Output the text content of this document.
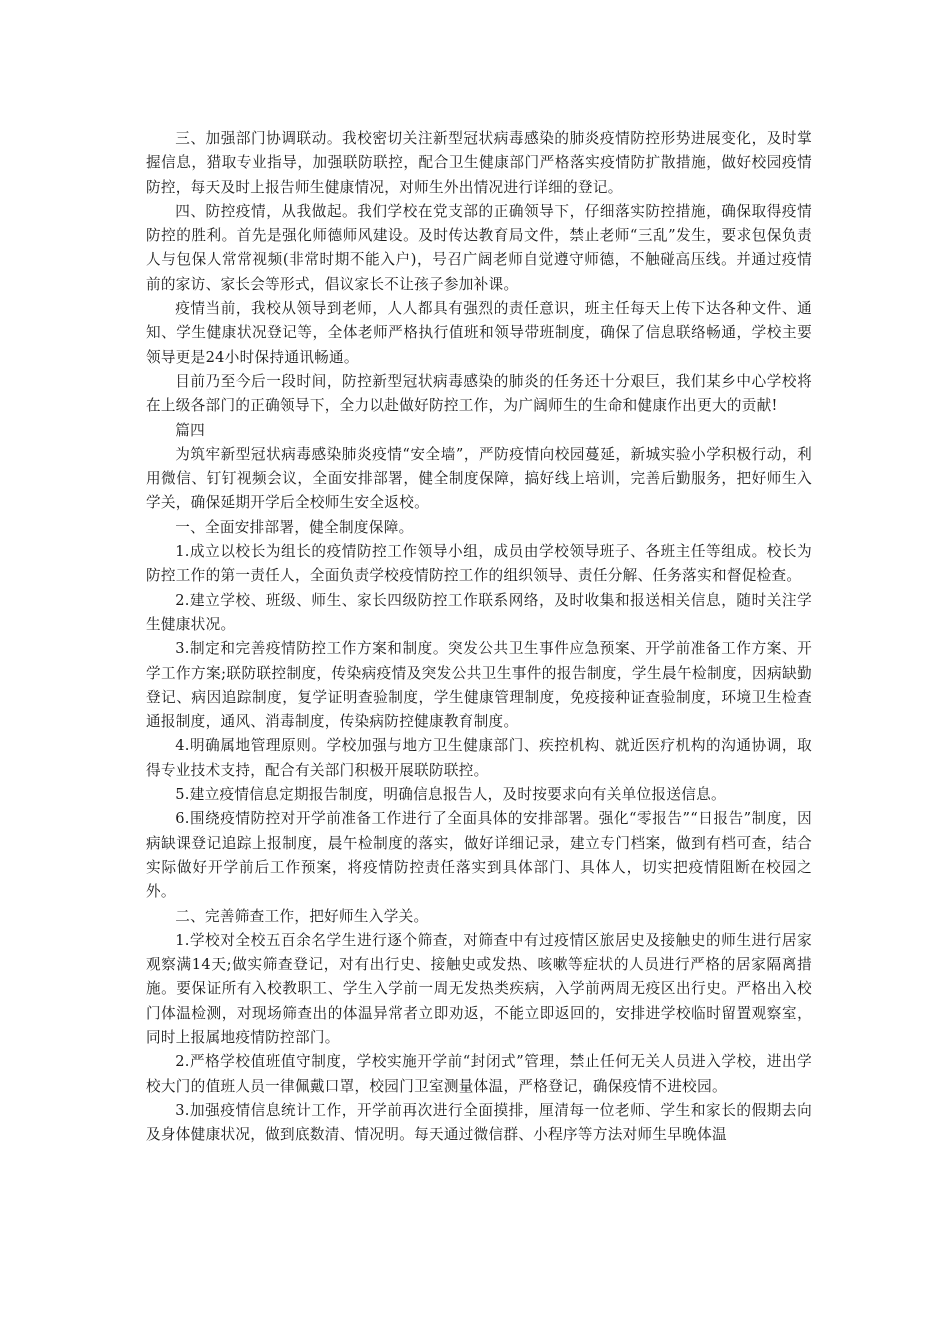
三、加强部门协调联动。我校密切关注新型冠状病毒感染的肺炎疫情防控形势进展变化，及时掌握信息，猎取专业指导，加强联防联控，配合卫生健康部门严格落实疫情防扩散措施，做好校园疫情防控，每天及时上报告师生健康情况，对师生外出情况进行详细的登记。

四、防控疫情，从我做起。我们学校在党支部的正确领导下，仔细落实防控措施，确保取得疫情防控的胜利。首先是强化师德师风建设。及时传达教育局文件，禁止老师“三乱”发生，要求包保负责人与包保人常常视频(非常时期不能入户)，号召广阔老师自觉遵守师德，不触碰高压线。并通过疫情前的家访、家长会等形式，倡议家长不让孩子参加补课。

疫情当前，我校从领导到老师，人人都具有强烈的责任意识，班主任每天上传下达各种文件、通知、学生健康状况登记等，全体老师严格执行值班和领导带班制度，确保了信息联络畅通，学校主要领导更是24小时保持通讯畅通。

目前乃至今后一段时间，防控新型冠状病毒感染的肺炎的任务还十分艰巨，我们某乡中心学校将在上级各部门的正确领导下，全力以赴做好防控工作，为广阔师生的生命和健康作出更大的贡献!

篇四

为筑牢新型冠状病毒感染肺炎疫情“安全墙”，严防疫情向校园蔓延，新城实验小学积极行动，利用微信、钉钉视频会议，全面安排部署，健全制度保障，搞好线上培训，完善后勤服务，把好师生入学关，确保延期开学后全校师生安全返校。

一、全面安排部署，健全制度保障。

1.成立以校长为组长的疫情防控工作领导小组，成员由学校领导班子、各班主任等组成。校长为防控工作的第一责任人，全面负责学校疫情防控工作的组织领导、责任分解、任务落实和督促检查。

2.建立学校、班级、师生、家长四级防控工作联系网络，及时收集和报送相关信息，随时关注学生健康状况。

3.制定和完善疫情防控工作方案和制度。突发公共卫生事件应急预案、开学前准备工作方案、开学工作方案;联防联控制度，传染病疫情及突发公共卫生事件的报告制度，学生晨午检制度，因病缺勤登记、病因追踪制度，复学证明查验制度，学生健康管理制度，免疫接种证查验制度，环境卫生检查通报制度，通风、消毒制度，传染病防控健康教育制度。

4.明确属地管理原则。学校加强与地方卫生健康部门、疾控机构、就近医疗机构的沟通协调，取得专业技术支持，配合有关部门积极开展联防联控。

5.建立疫情信息定期报告制度，明确信息报告人，及时按要求向有关单位报送信息。

6.围绕疫情防控对开学前准备工作进行了全面具体的安排部署。强化“零报告”“日报告”制度，因病缺课登记追踪上报制度，晨午检制度的落实，做好详细记录，建立专门档案，做到有档可查，结合实际做好开学前后工作预案，将疫情防控责任落实到具体部门、具体人，切实把疫情阻断在校园之外。

二、完善筛查工作，把好师生入学关。

1.学校对全校五百余名学生进行逐个筛查，对筛查中有过疫情区旅居史及接触史的师生进行居家观察满14天;做实筛查登记，对有出行史、接触史或发热、咳嗽等症状的人员进行严格的居家隔离措施。要保证所有入校教职工、学生入学前一周无发热类疾病，入学前两周无疫区出行史。严格出入校门体温检测，对现场筛查出的体温异常者立即劝返，不能立即返回的，安排进学校临时留置观察室，同时上报属地疫情防控部门。

2.严格学校值班值守制度，学校实施开学前“封闭式”管理，禁止任何无关人员进入学校，进出学校大门的值班人员一律佩戴口罩，校园门卫室测量体温，严格登记，确保疫情不进校园。

3.加强疫情信息统计工作，开学前再次进行全面摸排，厘清每一位老师、学生和家长的假期去向及身体健康状况，做到底数清、情况明。每天通过微信群、小程序等方法对师生早晚体温
